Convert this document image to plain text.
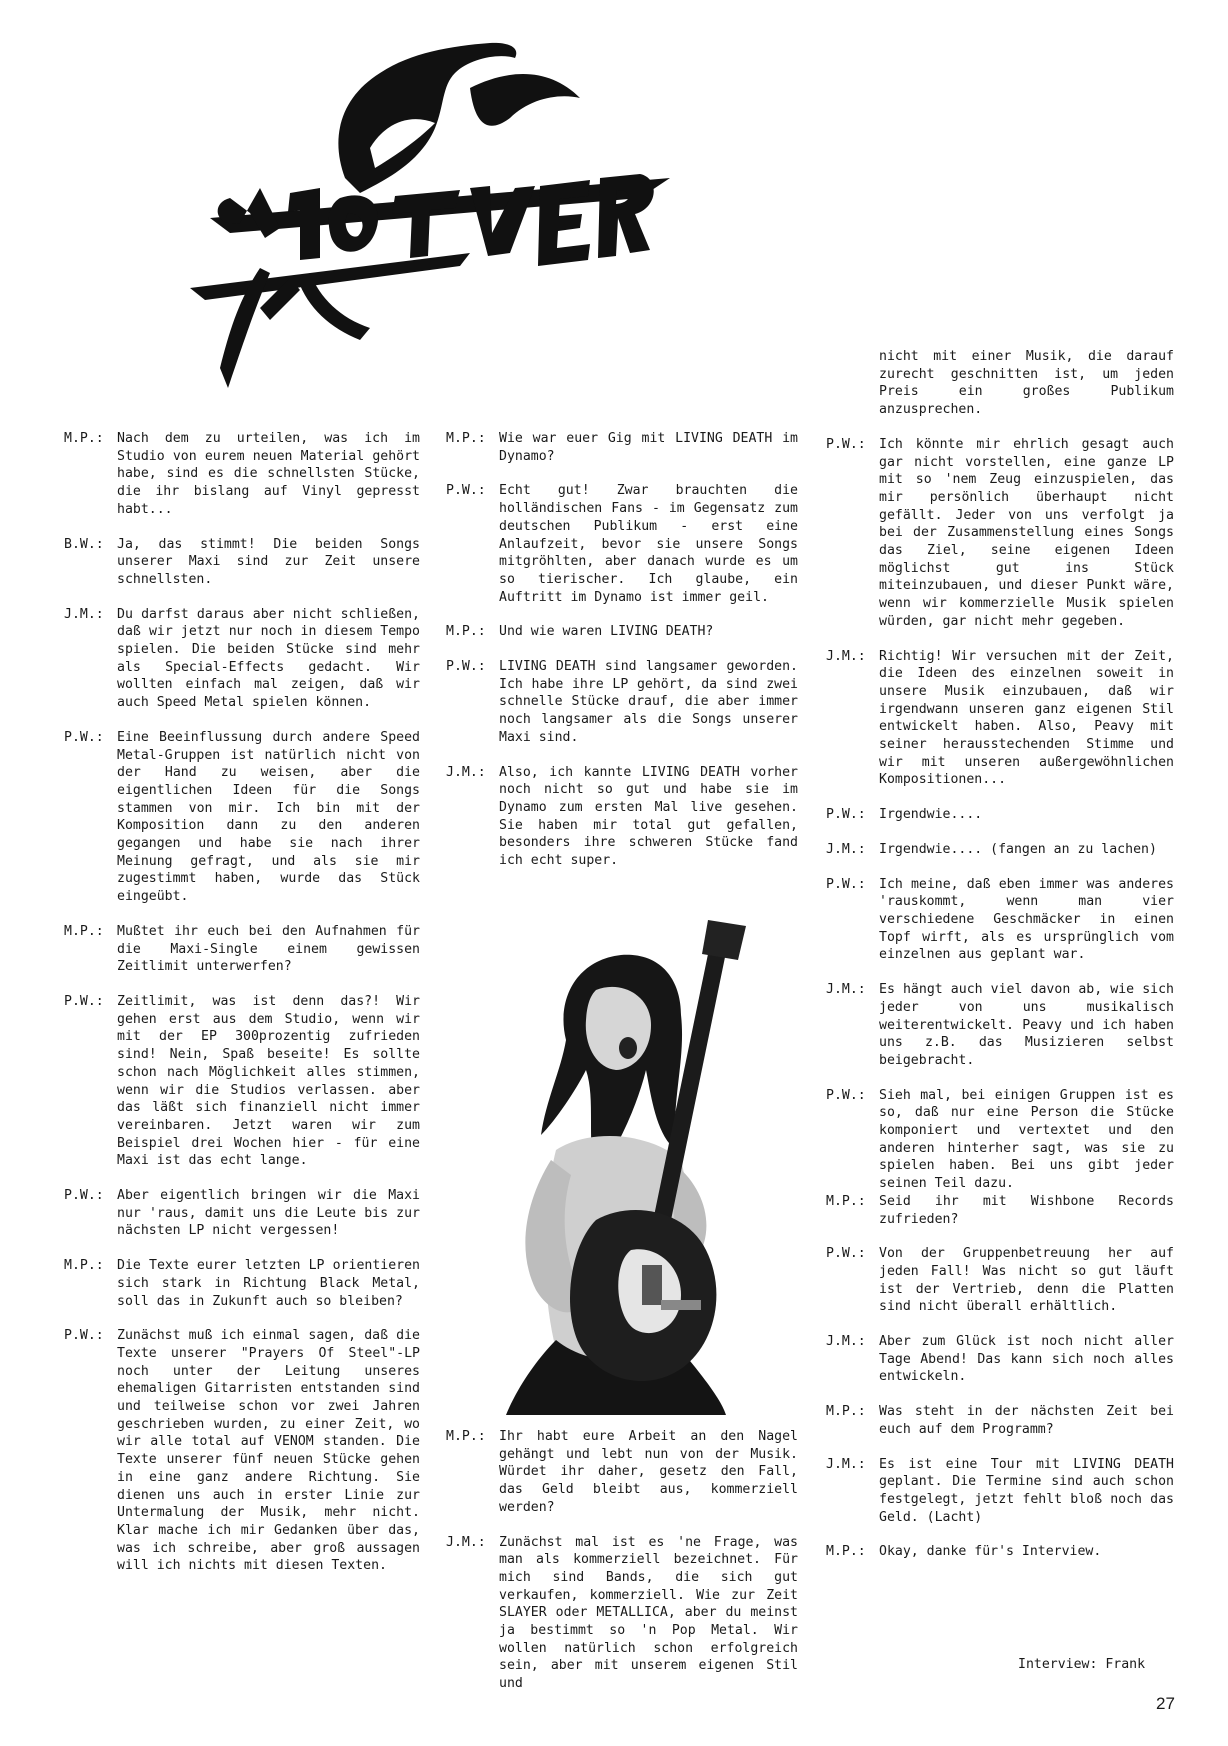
M.P.:	Nach dem zu urteilen, was ich im Studio von eurem neuen Material gehört habe, sind es die schnellsten Stücke, die ihr bislang auf Vinyl gepresst habt...
B.W.:	Ja, das stimmt! Die beiden Songs unserer Maxi sind zur Zeit unsere schnellsten.
J.M.:	Du darfst daraus aber nicht schließen, daß wir jetzt nur noch in diesem Tempo spielen. Die beiden Stücke sind mehr als Special-Effects gedacht. Wir wollten einfach mal zeigen, daß wir auch Speed Metal spielen können.
P.W.:	Eine Beeinflussung durch andere Speed Metal-Gruppen ist natürlich nicht von der Hand zu weisen, aber die eigentlichen Ideen für die Songs stammen von mir. Ich bin mit der Komposition dann zu den anderen gegangen und habe sie nach ihrer Meinung gefragt, und als sie mir zugestimmt haben, wurde das Stück eingeübt.
M.P.:	Mußtet ihr euch bei den Aufnahmen für die Maxi-Single einem gewissen Zeitlimit unterwerfen?
P.W.:	Zeitlimit, was ist denn das?! Wir gehen erst aus dem Studio, wenn wir mit der EP 300prozentig zufrieden sind! Nein, Spaß beseite! Es sollte schon nach Möglichkeit alles stimmen, wenn wir die Studios verlassen. aber das läßt sich finanziell nicht immer vereinbaren. Jetzt waren wir zum Beispiel drei Wochen hier - für eine Maxi ist das echt lange.
P.W.:	Aber eigentlich bringen wir die Maxi nur 'raus, damit uns die Leute bis zur nächsten LP nicht vergessen!
M.P.:	Die Texte eurer letzten LP orientieren sich stark in Richtung Black Metal, soll das in Zukunft auch so bleiben?
P.W.:	Zunächst muß ich einmal sagen, daß die Texte unserer "Prayers Of Steel"-LP noch unter der Leitung unseres ehemaligen Gitarristen entstanden sind und teilweise schon vor zwei Jahren geschrieben wurden, zu einer Zeit, wo wir alle total auf VENOM standen. Die Texte unserer fünf neuen Stücke gehen in eine ganz andere Richtung. Sie dienen uns auch in erster Linie zur Untermalung der Musik, mehr nicht. Klar mache ich mir Gedanken über das, was ich schreibe, aber groß aussagen will ich nichts mit diesen Texten.
M.P.:	Wie war euer Gig mit LIVING DEATH im Dynamo?
P.W.:	Echt gut! Zwar brauchten die holländischen Fans - im Gegensatz zum deutschen Publikum - erst eine Anlaufzeit, bevor sie unsere Songs mitgröhlten, aber danach wurde es um so tierischer. Ich glaube, ein Auftritt im Dynamo ist immer geil.
M.P.:	Und wie waren LIVING DEATH?
P.W.:	LIVING DEATH sind langsamer geworden. Ich habe ihre LP gehört, da sind zwei schnelle Stücke drauf, die aber immer noch langsamer als die Songs unserer Maxi sind.
J.M.:	Also, ich kannte LIVING DEATH vorher noch nicht so gut und habe sie im Dynamo zum ersten Mal live gesehen. Sie haben mir total gut gefallen, besonders ihre schweren Stücke fand ich echt super.
M.P.:	Ihr habt eure Arbeit an den Nagel gehängt und lebt nun von der Musik. Würdet ihr daher, gesetz den Fall, das Geld bleibt aus, kommerziell werden?
J.M.:	Zunächst mal ist es 'ne Frage, was man als kommerziell bezeichnet. Für mich sind Bands, die sich gut verkaufen, kommerziell. Wie zur Zeit SLAYER oder METALLICA, aber du meinst ja bestimmt so 'n Pop Metal. Wir wollen natürlich schon erfolgreich sein, aber mit unserem eigenen Stil und
nicht mit einer Musik, die darauf zurecht geschnitten ist, um jeden Preis ein großes Publikum anzusprechen.
P.W.:	Ich könnte mir ehrlich gesagt auch gar nicht vorstellen, eine ganze LP mit so 'nem Zeug einzuspielen, das mir persönlich überhaupt nicht gefällt. Jeder von uns verfolgt ja bei der Zusammenstellung eines Songs das Ziel, seine eigenen Ideen möglichst gut ins Stück miteinzubauen, und dieser Punkt wäre, wenn wir kommerzielle Musik spielen würden, gar nicht mehr gegeben.
J.M.:	Richtig! Wir versuchen mit der Zeit, die Ideen des einzelnen soweit in unsere Musik einzubauen, daß wir irgendwann unseren ganz eigenen Stil entwickelt haben. Also, Peavy mit seiner herausstechenden Stimme und wir mit unseren außergewöhnlichen Kompositionen...
P.W.:	Irgendwie....
J.M.:	Irgendwie.... (fangen an zu lachen)
P.W.:	Ich meine, daß eben immer was anderes 'rauskommt, wenn man vier verschiedene Geschmäcker in einen Topf wirft, als es ursprünglich vom einzelnen aus geplant war.
J.M.:	Es hängt auch viel davon ab, wie sich jeder von uns musikalisch weiterentwickelt. Peavy und ich haben uns z.B. das Musizieren selbst beigebracht.
P.W.:	Sieh mal, bei einigen Gruppen ist es so, daß nur eine Person die Stücke komponiert und vertextet und den anderen hinterher sagt, was sie zu spielen haben. Bei uns gibt jeder seinen Teil dazu.
M.P.:	Seid ihr mit Wishbone Records zufrieden?
P.W.:	Von der Gruppenbetreuung her auf jeden Fall! Was nicht so gut läuft ist der Vertrieb, denn die Platten sind nicht überall erhältlich.
J.M.:	Aber zum Glück ist noch nicht aller Tage Abend! Das kann sich noch alles entwickeln.
M.P.:	Was steht in der nächsten Zeit bei euch auf dem Programm?
J.M.:	Es ist eine Tour mit LIVING DEATH geplant. Die Termine sind auch schon festgelegt, jetzt fehlt bloß noch das Geld. (Lacht)
M.P.:	Okay, danke für's Interview.
Interview: Frank
27
